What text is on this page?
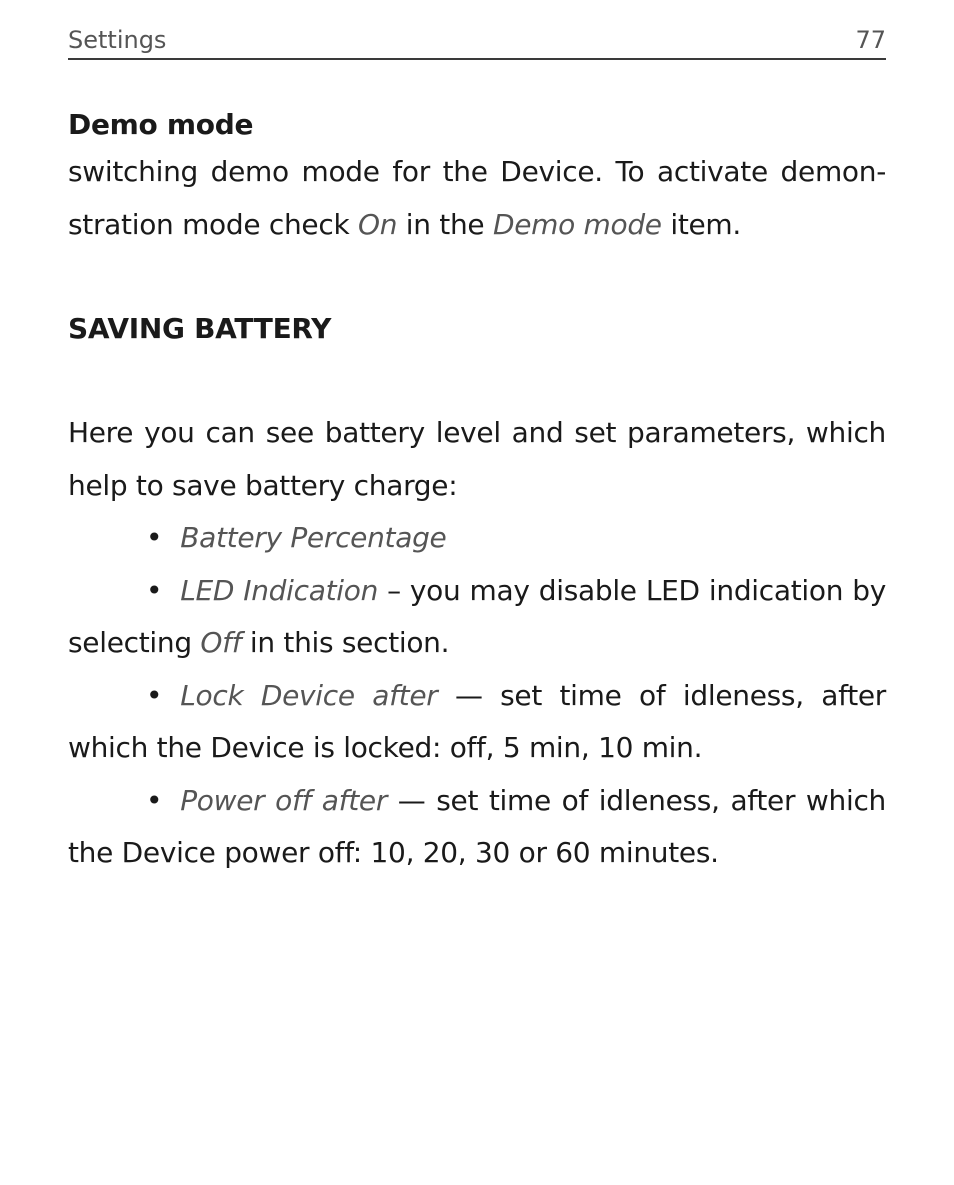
Settings	77
Demo mode

switching demo mode for the Device. To activate demon-stration mode check On in the Demo mode item.

SAVING BATTERY

Here you can see battery level and set parameters, which help to save battery charge:

• Battery Percentage

• LED Indication – you may disable LED indication by selecting Off in this section.

• Lock Device after — set time of idleness, after which the Device is locked: off, 5 min, 10 min.

• Power off after — set time of idleness, after which the Device power off: 10, 20, 30 or 60 minutes.
